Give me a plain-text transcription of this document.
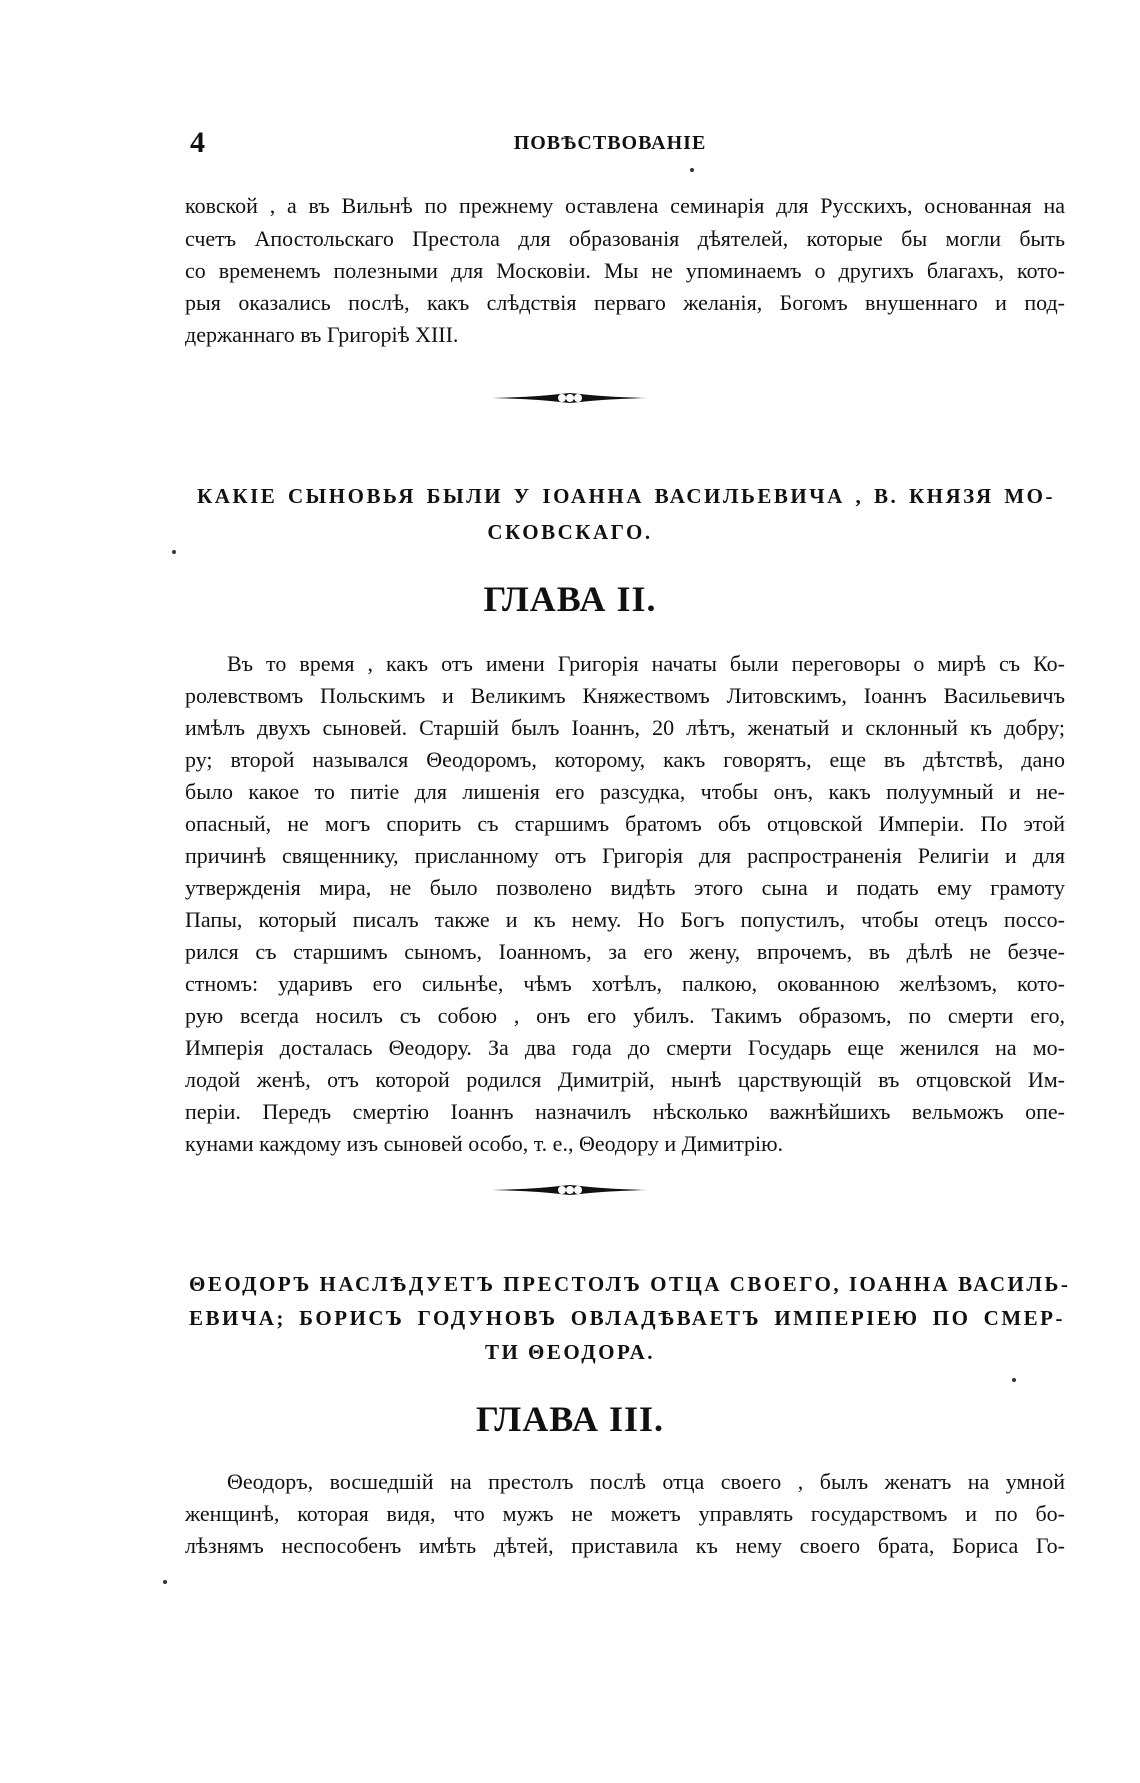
4	ПОВѢСТВОВАНІЕ
ковской , а въ Вильнѣ по прежнему оставлена семинарія для Русскихъ, основанная на
счетъ Апостольскаго Престола для образованія дѣятелей, которые бы могли быть
со временемъ полезными для Московіи. Мы не упоминаемъ о другихъ благахъ, кото-
рыя оказались послѣ, какъ слѣдствія перваго желанія, Богомъ внушеннаго и под-
держаннаго въ Григоріѣ XIII.
КАКІЕ СЫНОВЬЯ БЫЛИ У ІОАННА ВАСИЛЬЕВИЧА , В. КНЯЗЯ МО-
СКОВСКАГО.
ГЛАВА II.
Въ то время , какъ отъ имени Григорія начаты были переговоры о мирѣ съ Ко-
ролевствомъ Польскимъ и Великимъ Княжествомъ Литовскимъ, Іоаннъ Васильевичъ
имѣлъ двухъ сыновей. Старшій былъ Іоаннъ, 20 лѣтъ, женатый и склонный къ добру;
ру; второй назывался Θеодоромъ, которому, какъ говорятъ, еще въ дѣтствѣ, дано
было какое то питіе для лишенія его разсудка, чтобы онъ, какъ полуумный и не-
опасный, не могъ спорить съ старшимъ братомъ объ отцовской Имперіи. По этой
причинѣ священнику, присланному отъ Григорія для распространенія Религіи и для
утвержденія мира, не было позволено видѣть этого сына и подать ему грамоту
Папы, который писалъ также и къ нему. Но Богъ попустилъ, чтобы отецъ поссо-
рился съ старшимъ сыномъ, Іоанномъ, за его жену, впрочемъ, въ дѣлѣ не безче-
стномъ: ударивъ его сильнѣе, чѣмъ хотѣлъ, палкою, окованною желѣзомъ, кото-
рую всегда носилъ съ собою , онъ его убилъ. Такимъ образомъ, по смерти его,
Имперія досталась Θеодору. За два года до смерти Государь еще женился на мо-
лодой женѣ, отъ которой родился Димитрій, нынѣ царствующій въ отцовской Им-
періи. Передъ смертію Іоаннъ назначилъ нѣсколько важнѣйшихъ вельможъ опе-
кунами каждому изъ сыновей особо, т. е., Θеодору и Димитрію.
ΘЕОДОРЪ НАСЛѢДУЕТЪ ПРЕСТОЛЪ ОТЦА СВОЕГО, ІОАННА ВАСИЛЬ-
ЕВИЧА; БОРИСЪ ГОДУНОВЪ ОВЛАДѢВАЕТЪ ИМПЕРІЕЮ ПО СМЕР-
ТИ ΘЕОДОРА.
ГЛАВА III.
Θеодоръ, восшедшій на престолъ послѣ отца своего , былъ женатъ на умной
женщинѣ, которая видя, что мужъ не можетъ управлять государствомъ и по бо-
лѣзнямъ неспособенъ имѣть дѣтей, приставила къ нему своего брата, Бориса Го-
